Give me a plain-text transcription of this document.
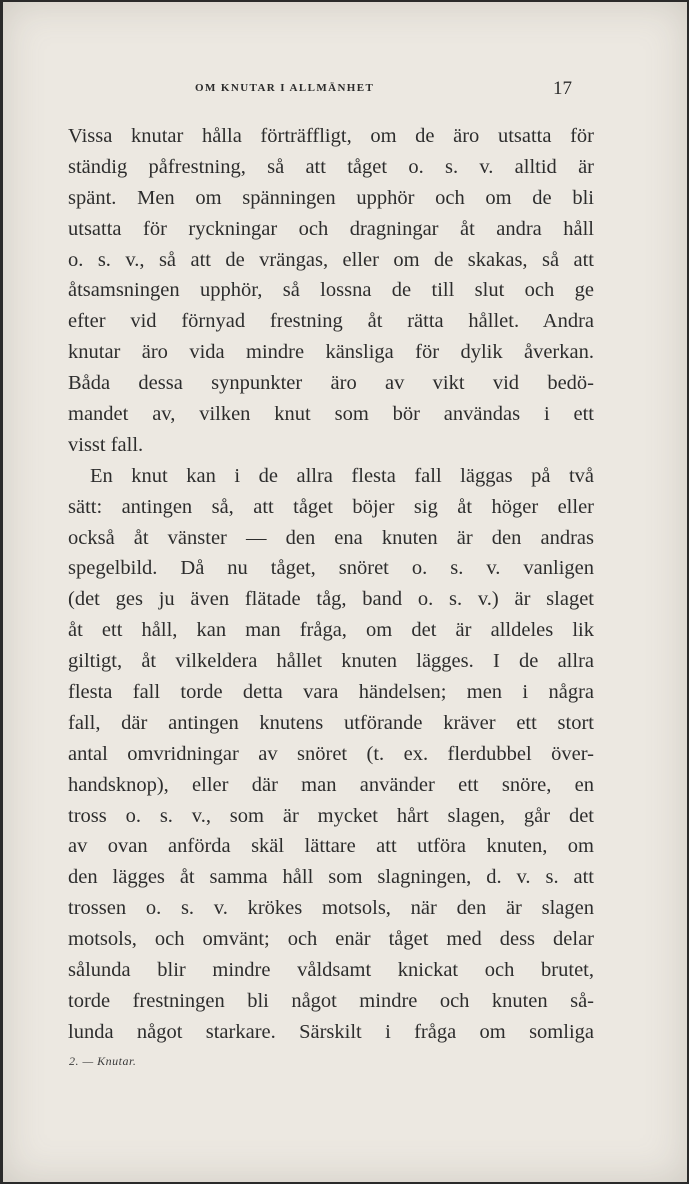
OM KNUTAR I ALLMÄNHET	17
Vissa knutar hålla förträffligt, om de äro utsatta för
ständig påfrestning, så att tåget o. s. v. alltid är
spänt. Men om spänningen upphör och om de bli
utsatta för ryckningar och dragningar åt andra håll
o. s. v., så att de vrängas, eller om de skakas, så att
åtsamsningen upphör, så lossna de till slut och ge
efter vid förnyad frestning åt rätta hållet. Andra
knutar äro vida mindre känsliga för dylik åverkan.
Båda dessa synpunkter äro av vikt vid bedö-
mandet av, vilken knut som bör användas i ett
visst fall.
En knut kan i de allra flesta fall läggas på två
sätt: antingen så, att tåget böjer sig åt höger eller
också åt vänster — den ena knuten är den andras
spegelbild. Då nu tåget, snöret o. s. v. vanligen
(det ges ju även flätade tåg, band o. s. v.) är slaget
åt ett håll, kan man fråga, om det är alldeles lik
giltigt, åt vilkeldera hållet knuten lägges. I de allra
flesta fall torde detta vara händelsen; men i några
fall, där antingen knutens utförande kräver ett stort
antal omvridningar av snöret (t. ex. flerdubbel över-
handsknop), eller där man använder ett snöre, en
tross o. s. v., som är mycket hårt slagen, går det
av ovan anförda skäl lättare att utföra knuten, om
den lägges åt samma håll som slagningen, d. v. s. att
trossen o. s. v. krökes motsols, när den är slagen
motsols, och omvänt; och enär tåget med dess delar
sålunda blir mindre våldsamt knickat och brutet,
torde frestningen bli något mindre och knuten så-
lunda något starkare. Särskilt i fråga om somliga
2. — Knutar.
